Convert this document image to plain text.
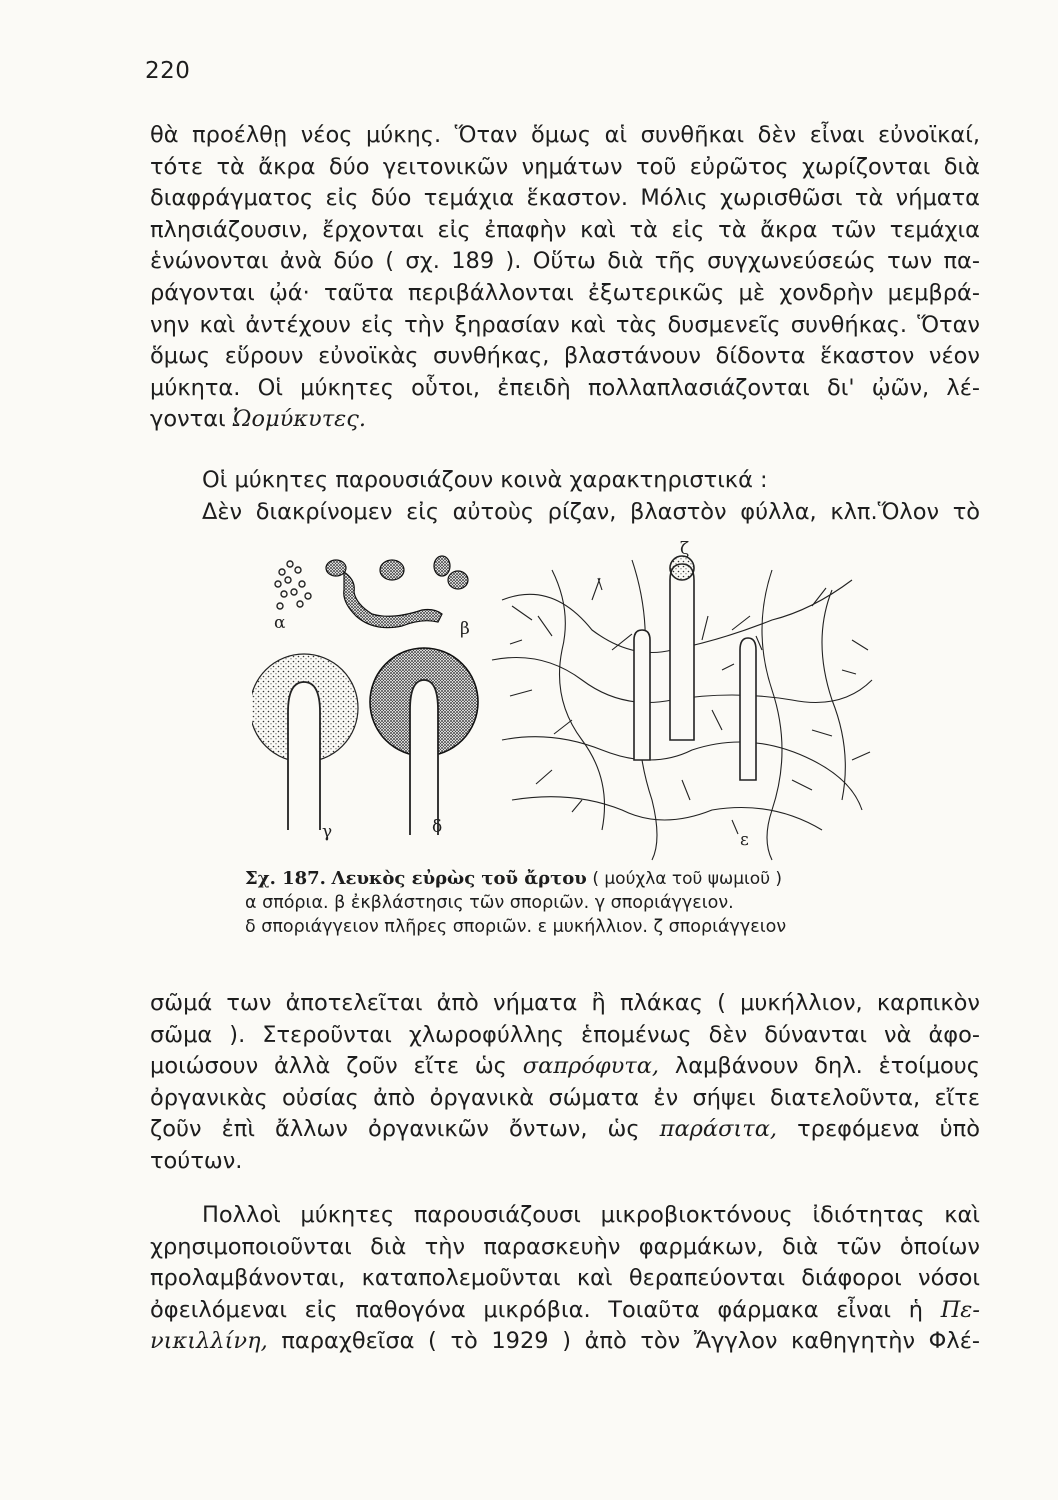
220
θὰ προέλθῃ νέος μύκης. Ὅταν ὅμως αἱ συνθῆκαι δὲν εἶναι εὐνοϊκαί,
τότε τὰ ἄκρα δύο γειτονικῶν νημάτων τοῦ εὐρῶτος χωρίζονται διὰ
διαφράγματος εἰς δύο τεμάχια ἕκαστον. Μόλις χωρισθῶσι τὰ νήματα
πλησιάζουσιν, ἔρχονται εἰς ἐπαφὴν καὶ τὰ εἰς τὰ ἄκρα τῶν τεμάχια
ἑνώνονται ἀνὰ δύο ( σχ. 189 ). Οὕτω διὰ τῆς συγχωνεύσεώς των πα-
ράγονται ᾠά· ταῦτα περιβάλλονται ἐξωτερικῶς μὲ χονδρὴν μεμβρά-
νην καὶ ἀντέχουν εἰς τὴν ξηρασίαν καὶ τὰς δυσμενεῖς συνθήκας. Ὅταν
ὅμως εὕρουν εὐνοϊκὰς συνθήκας, βλαστάνουν δίδοντα ἕκαστον νέον
μύκητα. Οἱ μύκητες οὗτοι, ἐπειδὴ πολλαπλασιάζονται δι' ᾠῶν, λέ-
γονται Ὠομύκυτες.
Οἱ μύκητες παρουσιάζουν κοινὰ χαρακτηριστικά :
Δὲν διακρίνομεν εἰς αὐτοὺς ρίζαν, βλαστὸν φύλλα, κλπ.Ὅλον τὸ
α	β
γ	δ
ζ
ε
Σχ. 187. Λευκὸς εὐρὼς τοῦ ἄρτου ( μούχλα τοῦ ψωμιοῦ )
α σπόρια. β ἐκβλάστησις τῶν σποριῶν. γ σποριάγγειον.
δ σποριάγγειον πλῆρες σποριῶν. ε μυκήλλιον. ζ σποριάγγειον
σῶμά των ἀποτελεῖται ἀπὸ νήματα ἢ πλάκας ( μυκήλλιον, καρπικὸν
σῶμα ). Στεροῦνται χλωροφύλλης ἑπομένως δὲν δύνανται νὰ ἀφο-
μοιώσουν ἀλλὰ ζοῦν εἴτε ὡς σαπρόφυτα, λαμβάνουν δηλ. ἑτοίμους
ὀργανικὰς οὐσίας ἀπὸ ὀργανικὰ σώματα ἐν σήψει διατελοῦντα, εἴτε
ζοῦν ἐπὶ ἄλλων ὀργανικῶν ὄντων, ὡς παράσιτα, τρεφόμενα ὑπὸ
τούτων.
Πολλοὶ μύκητες παρουσιάζουσι μικροβιοκτόνους ἰδιότητας καὶ
χρησιμοποιοῦνται διὰ τὴν παρασκευὴν φαρμάκων, διὰ τῶν ὁποίων
προλαμβάνονται, καταπολεμοῦνται καὶ θεραπεύονται διάφοροι νόσοι
ὀφειλόμεναι εἰς παθογόνα μικρόβια. Τοιαῦτα φάρμακα εἶναι ἡ Πε-
νικιλλίνη, παραχθεῖσα ( τὸ 1929 ) ἀπὸ τὸν Ἄγγλον καθηγητὴν Φλέ-
